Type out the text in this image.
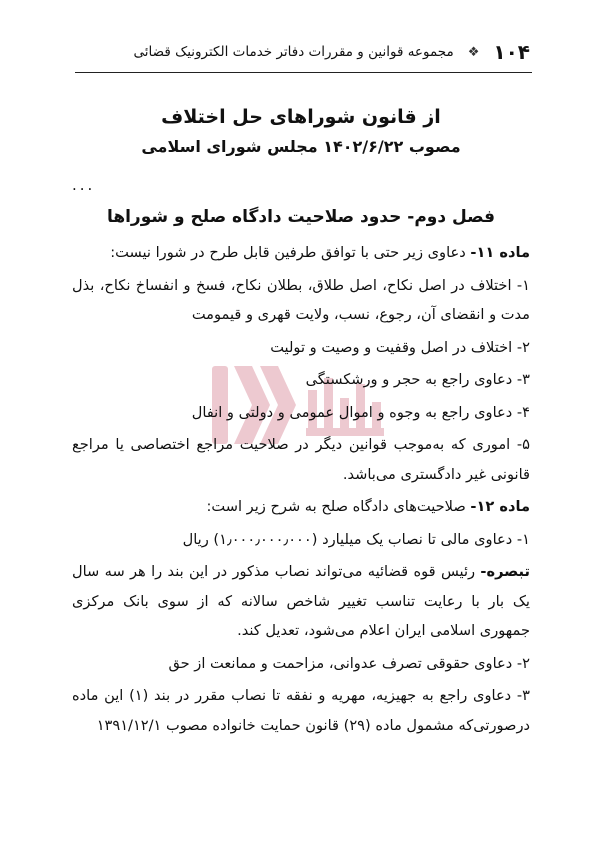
۱۰۴
❖
مجموعه قوانین و مقررات دفاتر خدمات الکترونیک قضائی
از قانون شوراهای حل اختلاف
مصوب ۱۴۰۲/۶/۲۲ مجلس شورای اسلامی
...
فصل دوم- حدود صلاحیت دادگاه صلح و شوراها

ماده ۱۱- دعاوی زیر حتی با توافق طرفین قابل طرح در شورا نیست:

۱- اختلاف در اصل نکاح، اصل طلاق، بطلان نکاح، فسخ و انفساخ نکاح، بذل مدت و انقضای آن، رجوع، نسب، ولایت قهری و قیمومت

۲- اختلاف در اصل وقفیت و وصیت و تولیت

۳- دعاوی راجع به حجر و ورشکستگی

۴- دعاوی راجع به وجوه و اموال عمومی و دولتی و انفال

۵- اموری که به‌موجب قوانین دیگر در صلاحیت مراجع اختصاصی یا مراجع قانونی غیر دادگستری می‌باشد.

ماده ۱۲- صلاحیت‌های دادگاه صلح به شرح زیر است:

۱- دعاوی مالی تا نصاب یک میلیارد (۱٫۰۰۰٫۰۰۰٫۰۰۰) ریال

تبصره- رئیس قوه قضائیه می‌تواند نصاب مذکور در این بند را هر سه سال یک بار با رعایت تناسب تغییر شاخص سالانه که از سوی بانک مرکزی جمهوری اسلامی ایران اعلام می‌شود، تعدیل کند.

۲- دعاوی حقوقی تصرف عدوانی، مزاحمت و ممانعت از حق

۳- دعاوی راجع به جهیزیه، مهریه و نفقه تا نصاب مقرر در بند (۱) این ماده درصورتی‌که مشمول ماده (۲۹) قانون حمایت خانواده مصوب ۱۳۹۱/۱۲/۱
